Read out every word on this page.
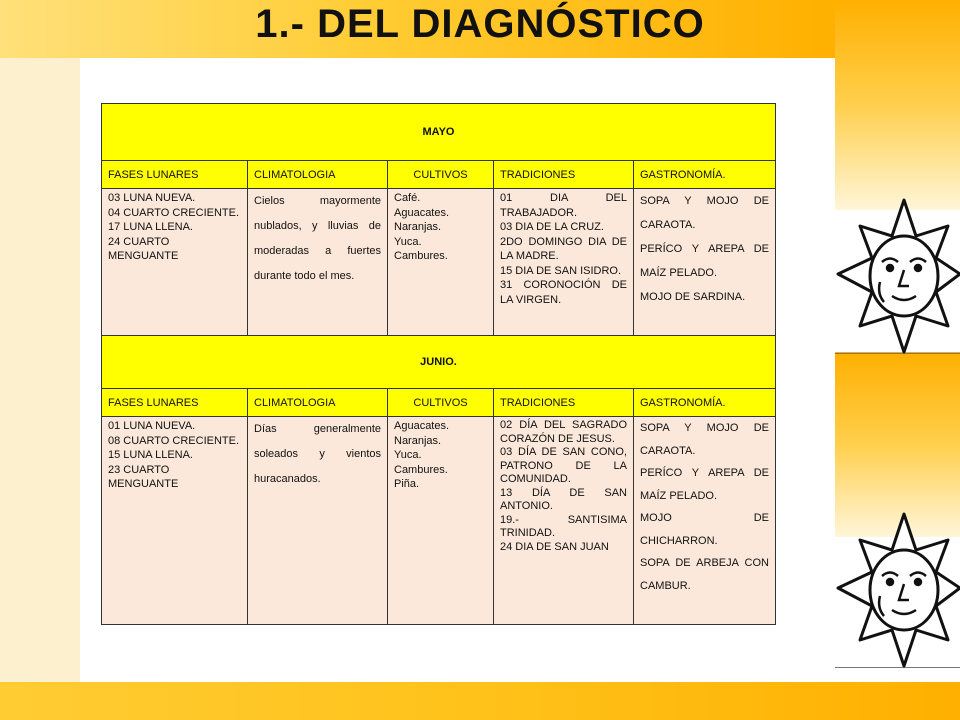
1.- DEL DIAGNÓSTICO
MAYO				
FASES LUNARES	CLIMATOLOGIA	CULTIVOS	TRADICIONES	GASTRONOMÍA.

03 LUNA NUEVA.
04 CUARTO CRECIENTE.
17 LUNA LLENA.
24 CUARTO MENGUANTE	Cielos mayormente nublados, y lluvias de moderadas a fuertes durante todo el mes.	Café.
Aguacates.
Naranjas.
Yuca.
Cambures.	01 DIA DEL TRABAJADOR.
03 DIA DE LA CRUZ.
2DO DOMINGO DIA DE LA MADRE.
15 DIA DE SAN ISIDRO.
31 CORONOCIÓN DE LA VIRGEN.	SOPA Y MOJO DE CARAOTA.
PERÍCO Y AREPA DE MAÍZ PELADO.
MOJO DE SARDINA.

JUNIO.				
FASES LUNARES	CLIMATOLOGIA	CULTIVOS	TRADICIONES	GASTRONOMÍA.

01 LUNA NUEVA.
08 CUARTO CRECIENTE.
15 LUNA LLENA.
23 CUARTO MENGUANTE	Días generalmente soleados y vientos huracanados.	Aguacates.
Naranjas.
Yuca.
Cambures.
Piña.	02 DÍA DEL SAGRADO CORAZÓN DE JESUS.
03 DÍA DE SAN CONO, PATRONO DE LA COMUNIDAD.
13 DÍA DE SAN ANTONIO.
19.- SANTISIMA TRINIDAD.
24 DIA DE SAN JUAN	SOPA Y MOJO DE CARAOTA.
PERÍCO Y AREPA DE MAÍZ PELADO.
MOJO DE CHICHARRON.
SOPA DE ARBEJA CON CAMBUR.
